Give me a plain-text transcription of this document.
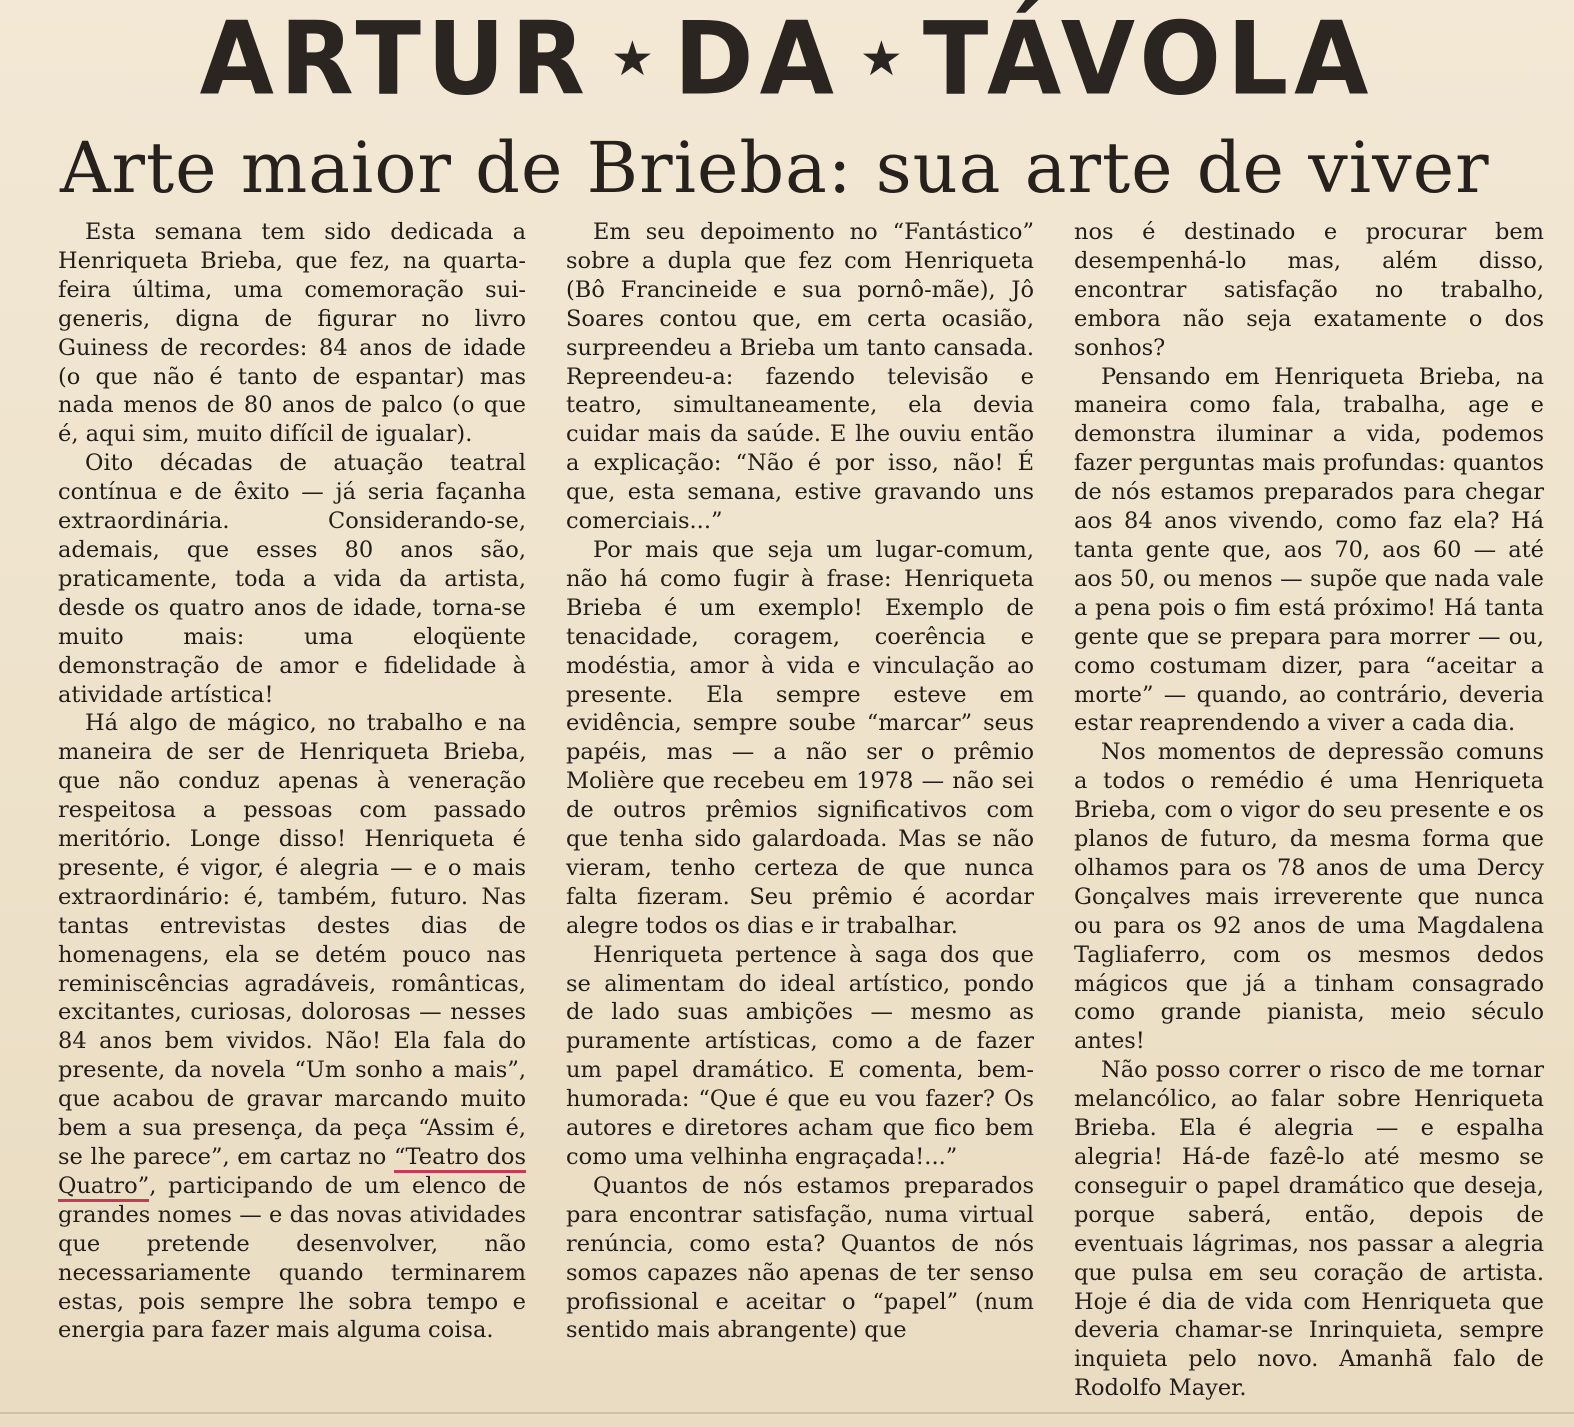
ARTUR ★ DA ★ TÁVOLA
Arte maior de Brieba: sua arte de viver

Esta semana tem sido dedicada a Henriqueta Brieba, que fez, na quarta-feira última, uma comemoração sui-generis, digna de figurar no livro Guiness de recordes: 84 anos de idade (o que não é tanto de espantar) mas nada menos de 80 anos de palco (o que é, aqui sim, muito difícil de igualar).

Oito décadas de atuação teatral contínua e de êxito — já seria façanha extraordinária. Considerando-se, ademais, que esses 80 anos são, praticamente, toda a vida da artista, desde os quatro anos de idade, torna-se muito mais: uma eloqüente demonstração de amor e fidelidade à atividade artística!

Há algo de mágico, no trabalho e na maneira de ser de Henriqueta Brieba, que não conduz apenas à veneração respeitosa a pessoas com passado meritório. Longe disso! Henriqueta é presente, é vigor, é alegria — e o mais extraordinário: é, também, futuro. Nas tantas entrevistas destes dias de homenagens, ela se detém pouco nas reminiscências agradáveis, românticas, excitantes, curiosas, dolorosas — nesses 84 anos bem vividos. Não! Ela fala do presente, da novela “Um sonho a mais”, que acabou de gravar marcando muito bem a sua presença, da peça “Assim é, se lhe parece”, em cartaz no “Teatro dos Quatro”, participando de um elenco de grandes nomes — e das novas atividades que pretende desenvolver, não necessariamente quando terminarem estas, pois sempre lhe sobra tempo e energia para fazer mais alguma coisa.

Em seu depoimento no “Fantástico” sobre a dupla que fez com Henriqueta (Bô Francineide e sua pornô-mãe), Jô Soares contou que, em certa ocasião, surpreendeu a Brieba um tanto cansada. Repreendeu-a: fazendo televisão e teatro, simultaneamente, ela devia cuidar mais da saúde. E lhe ouviu então a explicação: “Não é por isso, não! É que, esta semana, estive gravando uns comerciais...”

Por mais que seja um lugar-comum, não há como fugir à frase: Henriqueta Brieba é um exemplo! Exemplo de tenacidade, coragem, coerência e modéstia, amor à vida e vinculação ao presente. Ela sempre esteve em evidência, sempre soube “marcar” seus papéis, mas — a não ser o prêmio Molière que recebeu em 1978 — não sei de outros prêmios significativos com que tenha sido galardoada. Mas se não vieram, tenho certeza de que nunca falta fizeram. Seu prêmio é acordar alegre todos os dias e ir trabalhar.

Henriqueta pertence à saga dos que se alimentam do ideal artístico, pondo de lado suas ambições — mesmo as puramente artísticas, como a de fazer um papel dramático. E comenta, bem-humorada: “Que é que eu vou fazer? Os autores e diretores acham que fico bem como uma velhinha engraçada!...”

Quantos de nós estamos preparados para encontrar satisfação, numa virtual renúncia, como esta? Quantos de nós somos capazes não apenas de ter senso profissional e aceitar o “papel” (num sentido mais abrangente) que

nos é destinado e procurar bem desempenhá-lo mas, além disso, encontrar satisfação no trabalho, embora não seja exatamente o dos sonhos?

Pensando em Henriqueta Brieba, na maneira como fala, trabalha, age e demonstra iluminar a vida, podemos fazer perguntas mais profundas: quantos de nós estamos preparados para chegar aos 84 anos vivendo, como faz ela? Há tanta gente que, aos 70, aos 60 — até aos 50, ou menos — supõe que nada vale a pena pois o fim está próximo! Há tanta gente que se prepara para morrer — ou, como costumam dizer, para “aceitar a morte” — quando, ao contrário, deveria estar reaprendendo a viver a cada dia.

Nos momentos de depressão comuns a todos o remédio é uma Henriqueta Brieba, com o vigor do seu presente e os planos de futuro, da mesma forma que olhamos para os 78 anos de uma Dercy Gonçalves mais irreverente que nunca ou para os 92 anos de uma Magdalena Tagliaferro, com os mesmos dedos mágicos que já a tinham consagrado como grande pianista, meio século antes!

Não posso correr o risco de me tornar melancólico, ao falar sobre Henriqueta Brieba. Ela é alegria — e espalha alegria! Há-de fazê-lo até mesmo se conseguir o papel dramático que deseja, porque saberá, então, depois de eventuais lágrimas, nos passar a alegria que pulsa em seu coração de artista. Hoje é dia de vida com Henriqueta que deveria chamar-se Inrinquieta, sempre inquieta pelo novo. Amanhã falo de Rodolfo Mayer.
